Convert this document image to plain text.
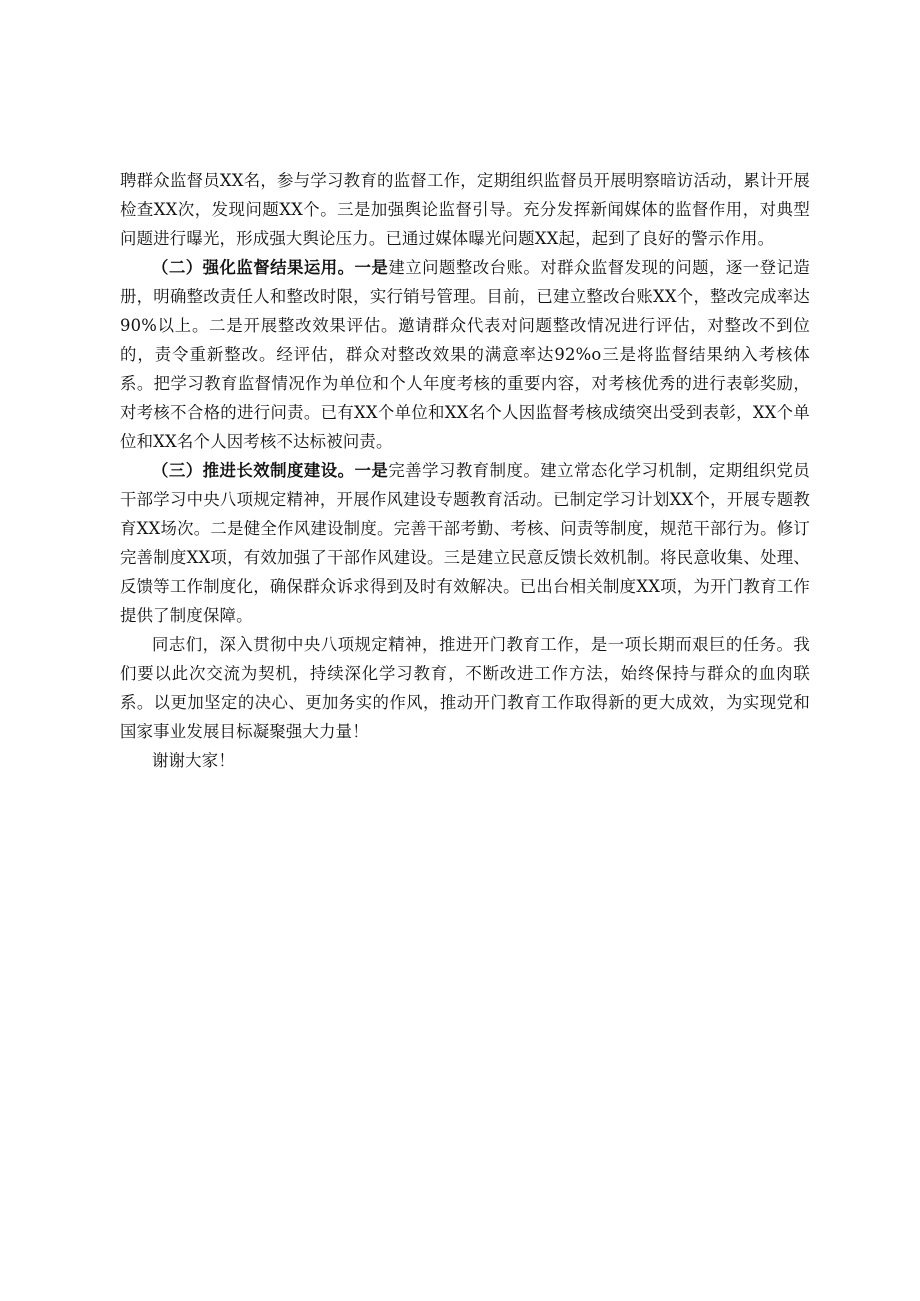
聘群众监督员XX名，参与学习教育的监督工作，定期组织监督员开展明察暗访活动，累计开展检查XX次，发现问题XX个。三是加强舆论监督引导。充分发挥新闻媒体的监督作用，对典型问题进行曝光，形成强大舆论压力。已通过媒体曝光问题XX起，起到了良好的警示作用。

（二）强化监督结果运用。一是建立问题整改台账。对群众监督发现的问题，逐一登记造册，明确整改责任人和整改时限，实行销号管理。目前，已建立整改台账XX个，整改完成率达90%以上。二是开展整改效果评估。邀请群众代表对问题整改情况进行评估，对整改不到位的，责令重新整改。经评估，群众对整改效果的满意率达92%o三是将监督结果纳入考核体系。把学习教育监督情况作为单位和个人年度考核的重要内容，对考核优秀的进行表彰奖励，对考核不合格的进行问责。已有XX个单位和XX名个人因监督考核成绩突出受到表彰，XX个单位和XX名个人因考核不达标被问责。

（三）推进长效制度建设。一是完善学习教育制度。建立常态化学习机制，定期组织党员干部学习中央八项规定精神，开展作风建设专题教育活动。已制定学习计划XX个，开展专题教育XX场次。二是健全作风建设制度。完善干部考勤、考核、问责等制度，规范干部行为。修订完善制度XX项，有效加强了干部作风建设。三是建立民意反馈长效机制。将民意收集、处理、反馈等工作制度化，确保群众诉求得到及时有效解决。已出台相关制度XX项，为开门教育工作提供了制度保障。

同志们，深入贯彻中央八项规定精神，推进开门教育工作，是一项长期而艰巨的任务。我们要以此次交流为契机，持续深化学习教育，不断改进工作方法，始终保持与群众的血肉联系。以更加坚定的决心、更加务实的作风，推动开门教育工作取得新的更大成效，为实现党和国家事业发展目标凝聚强大力量！

谢谢大家！
